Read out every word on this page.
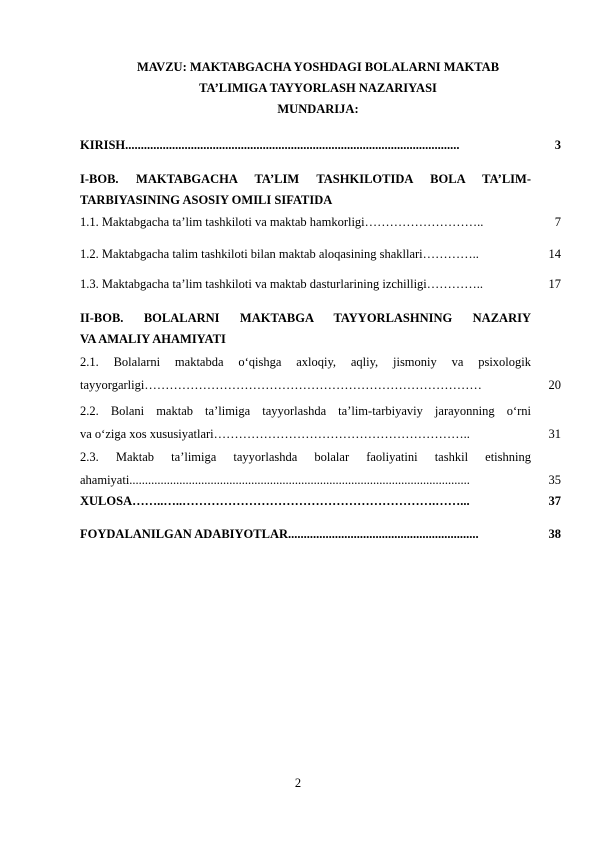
MAVZU: MAKTABGACHA YOSHDAGI BOLALARNI MAKTAB
TA’LIMIGA TAYYORLASH NAZARIYASI
MUNDARIJA:
KIRISH...........................................................................................................	3
I-BOB. MAKTABGACHA TA’LIM TASHKILOTIDA BOLA TA’LIM-
TARBIYASINING ASOSIY OMILI SIFATIDA
1.1. Maktabgacha ta’lim tashkiloti va maktab hamkorligi………………………..	7
1.2. Maktabgacha talim tashkiloti bilan maktab aloqasining shakllari…………..	14
1.3. Maktabgacha ta’lim tashkiloti va maktab dasturlarining izchilligi…………..	17
II-BOB. BOLALARNI MAKTABGA TAYYORLASHNING NAZARIY
VA AMALIY AHAMIYATI
2.1. Bolalarni maktabda o‘qishga axloqiy, aqliy, jismoniy va psixologik
tayyorgarligi………………………………………………………………………	20
2.2. Bolani maktab ta’limiga tayyorlashda ta’lim-tarbiyaviy jarayonning o‘rni
va o‘ziga xos xususiyatlari……………………………………………………..	31
2.3. Maktab ta’limiga tayyorlashda bolalar faoliyatini tashkil etishning
ahamiyati.............................................................................................................	35
XULOSA……..…..…………………………………………………….……...	37
FOYDALANILGAN ADABIYOTLAR.............................................................	38
2
